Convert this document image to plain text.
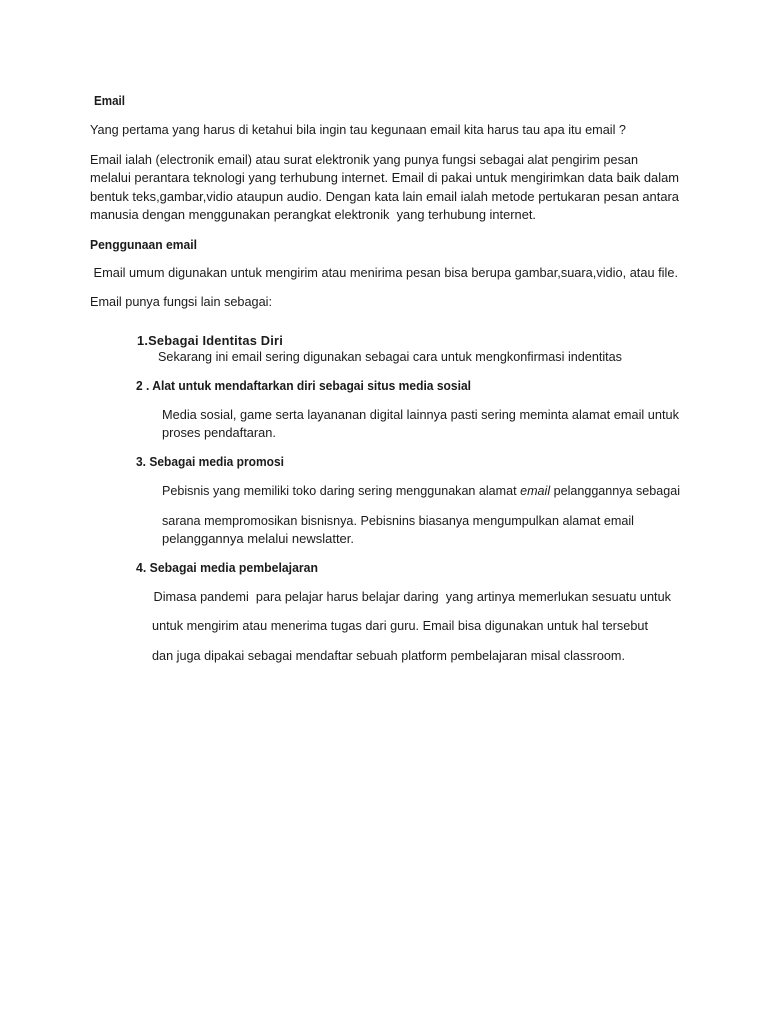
Email
Yang pertama yang harus di ketahui bila ingin tau kegunaan email kita harus tau apa itu email ?
Email ialah (electronik email) atau surat elektronik yang punya fungsi sebagai alat pengirim pesan
melalui perantara teknologi yang terhubung internet. Email di pakai untuk mengirimkan data baik dalam
bentuk teks,gambar,vidio ataupun audio. Dengan kata lain email ialah metode pertukaran pesan antara
manusia dengan menggunakan perangkat elektronik  yang terhubung internet.
Penggunaan email
Email umum digunakan untuk mengirim atau menirima pesan bisa berupa gambar,suara,vidio, atau file.
Email punya fungsi lain sebagai:
1.Sebagai Identitas Diri
Sekarang ini email sering digunakan sebagai cara untuk mengkonfirmasi indentitas
2 . Alat untuk mendaftarkan diri sebagai situs media sosial
Media sosial, game serta layananan digital lainnya pasti sering meminta alamat email untuk
proses pendaftaran.
3. Sebagai media promosi
Pebisnis yang memiliki toko daring sering menggunakan alamat email pelanggannya sebagai
sarana mempromosikan bisnisnya. Pebisnins biasanya mengumpulkan alamat email
pelanggannya melalui newslatter.
4. Sebagai media pembelajaran
Dimasa pandemi  para pelajar harus belajar daring  yang artinya memerlukan sesuatu untuk
untuk mengirim atau menerima tugas dari guru. Email bisa digunakan untuk hal tersebut
dan juga dipakai sebagai mendaftar sebuah platform pembelajaran misal classroom.
